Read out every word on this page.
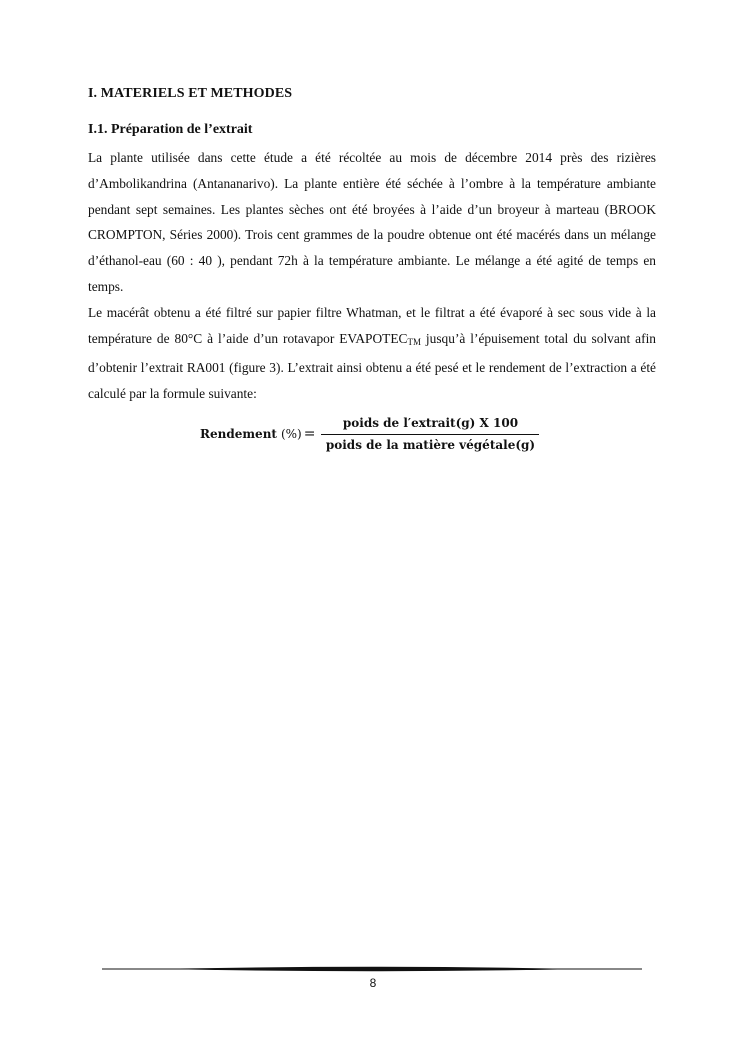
I. MATERIELS ET METHODES
I.1. Préparation de l’extrait

La plante utilisée dans cette étude a été récoltée au mois de décembre 2014 près des rizières d’Ambolikandrina (Antananarivo). La plante entière été séchée à l’ombre à la température ambiante pendant sept semaines. Les plantes sèches ont été broyées à l’aide d’un broyeur à marteau (BROOK CROMPTON, Séries 2000). Trois cent grammes de la poudre obtenue ont été macérés dans un mélange d’éthanol-eau (60 : 40 ), pendant 72h à la température ambiante. Le mélange a été agité de temps en temps.

Le macérât obtenu a été filtré sur papier filtre Whatman, et le filtrat a été évaporé à sec sous vide à la température de 80°C à l’aide d’un rotavapor $EVAPOTEC_{TM}$ jusqu’à l’épuisement total du solvant afin d’obtenir l’extrait RA001 (figure 3). L’extrait ainsi obtenu a été pesé et le rendement de l’extraction a été calculé par la formule suivante:

Rendement (%) = $\frac{\text{poids de l′extrait(g) X 100}}{\text{poids de la matière végétale(g)}}$
8
